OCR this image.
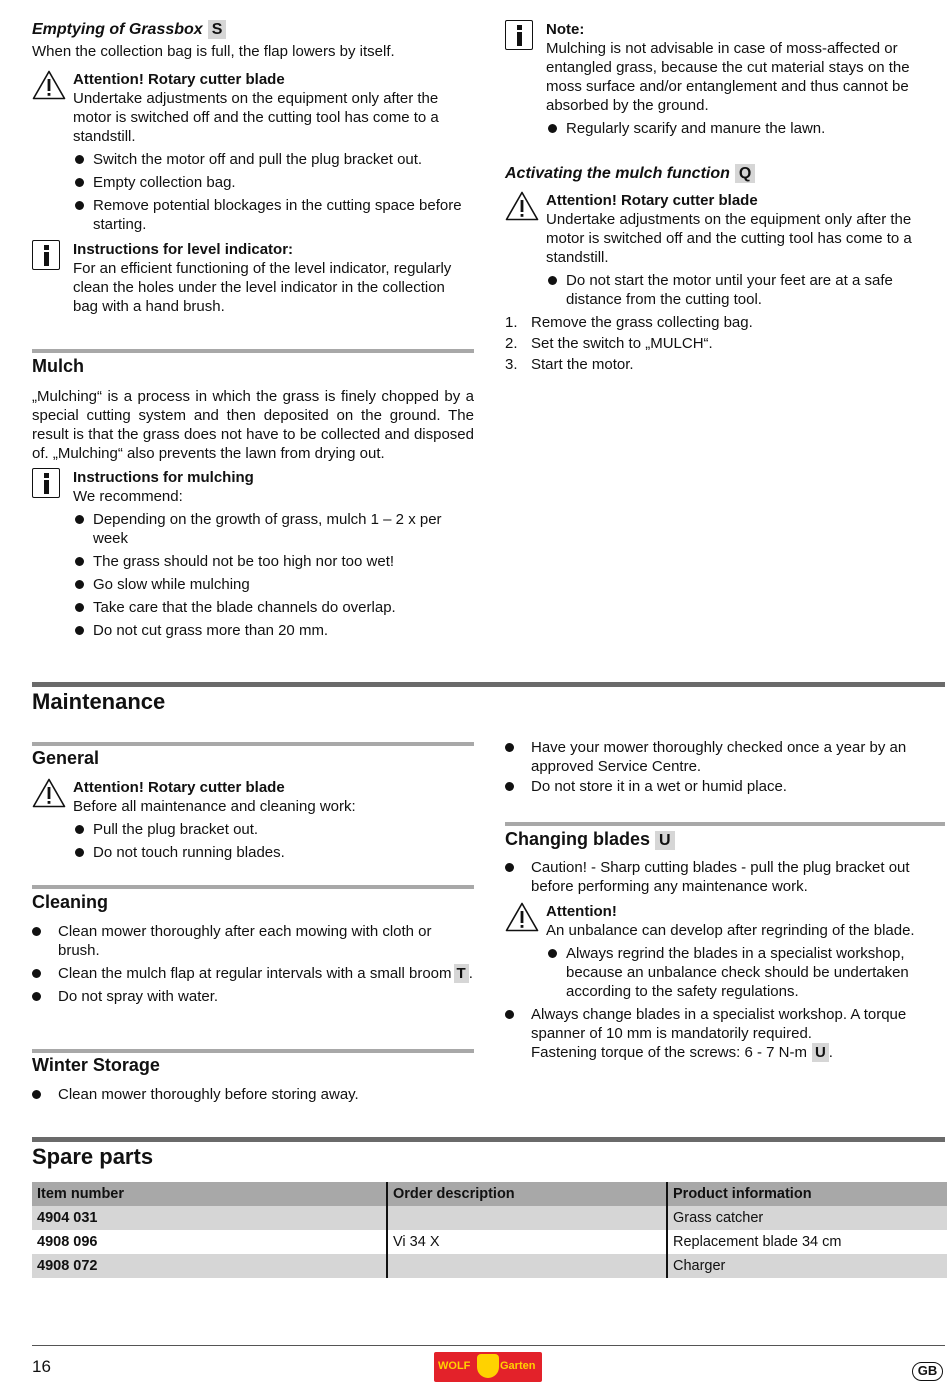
Emptying of Grassbox S
When the collection bag is full, the flap lowers by itself.
Attention! Rotary cutter blade
Undertake adjustments on the equipment only after the motor is switched off and the cutting tool has come to a standstill.
Switch the motor off and pull the plug bracket out.
Empty collection bag.
Remove potential blockages in the cutting space before starting.
Instructions for level indicator:
For an efficient functioning of the level indicator, regularly clean the holes under the level indicator in the collection bag with a hand brush.
Mulch
„Mulching“ is a process in which the grass is finely chopped by a special cutting system and then deposited on the ground. The result is that the grass does not have to be collected and disposed of. „Mulching“ also prevents the lawn from drying out.
Instructions for mulching
We recommend:
Depending on the growth of grass, mulch 1 – 2 x per week
The grass should not be too high nor too wet!
Go slow while mulching
Take care that the blade channels do overlap.
Do not cut grass more than 20 mm.
Note:
Mulching is not advisable in case of moss-affected or entangled grass, because the cut material stays on the moss surface and/or entanglement and thus cannot be absorbed by the ground.
Regularly scarify and manure the lawn.
Activating the mulch function Q
Attention! Rotary cutter blade
Undertake adjustments on the equipment only after the motor is switched off and the cutting tool has come to a standstill.
Do not start the motor until your feet are at a safe distance from the cutting tool.
1. Remove the grass collecting bag.
2. Set the switch to „MULCH“.
3. Start the motor.
Maintenance
General
Attention! Rotary cutter blade
Before all maintenance and cleaning work:
Pull the plug bracket out.
Do not touch running blades.
Cleaning
Clean mower thoroughly after each mowing with cloth or brush.
Clean the mulch flap at regular intervals with a small broom T .
Do not spray with water.
Winter Storage
Clean mower thoroughly before storing away.
Have your mower thoroughly checked once a year by an approved Service Centre.
Do not store it in a wet or humid place.
Changing blades U
Caution! - Sharp cutting blades - pull the plug bracket out before performing any maintenance work.
Attention!
An unbalance can develop after regrinding of the blade.
Always regrind the blades in a specialist workshop, because an unbalance check should be undertaken according to the safety regulations.
Always change blades in a specialist workshop. A torque spanner of 10 mm is mandatorily required.
Fastening torque of the screws: 6 - 7 N-m U .
Spare parts
Item number	Order description	Product information
4904 031		Grass catcher
4908 096	Vi 34 X	Replacement blade 34 cm
4908 072		Charger
16	WOLF	Garten	GB
